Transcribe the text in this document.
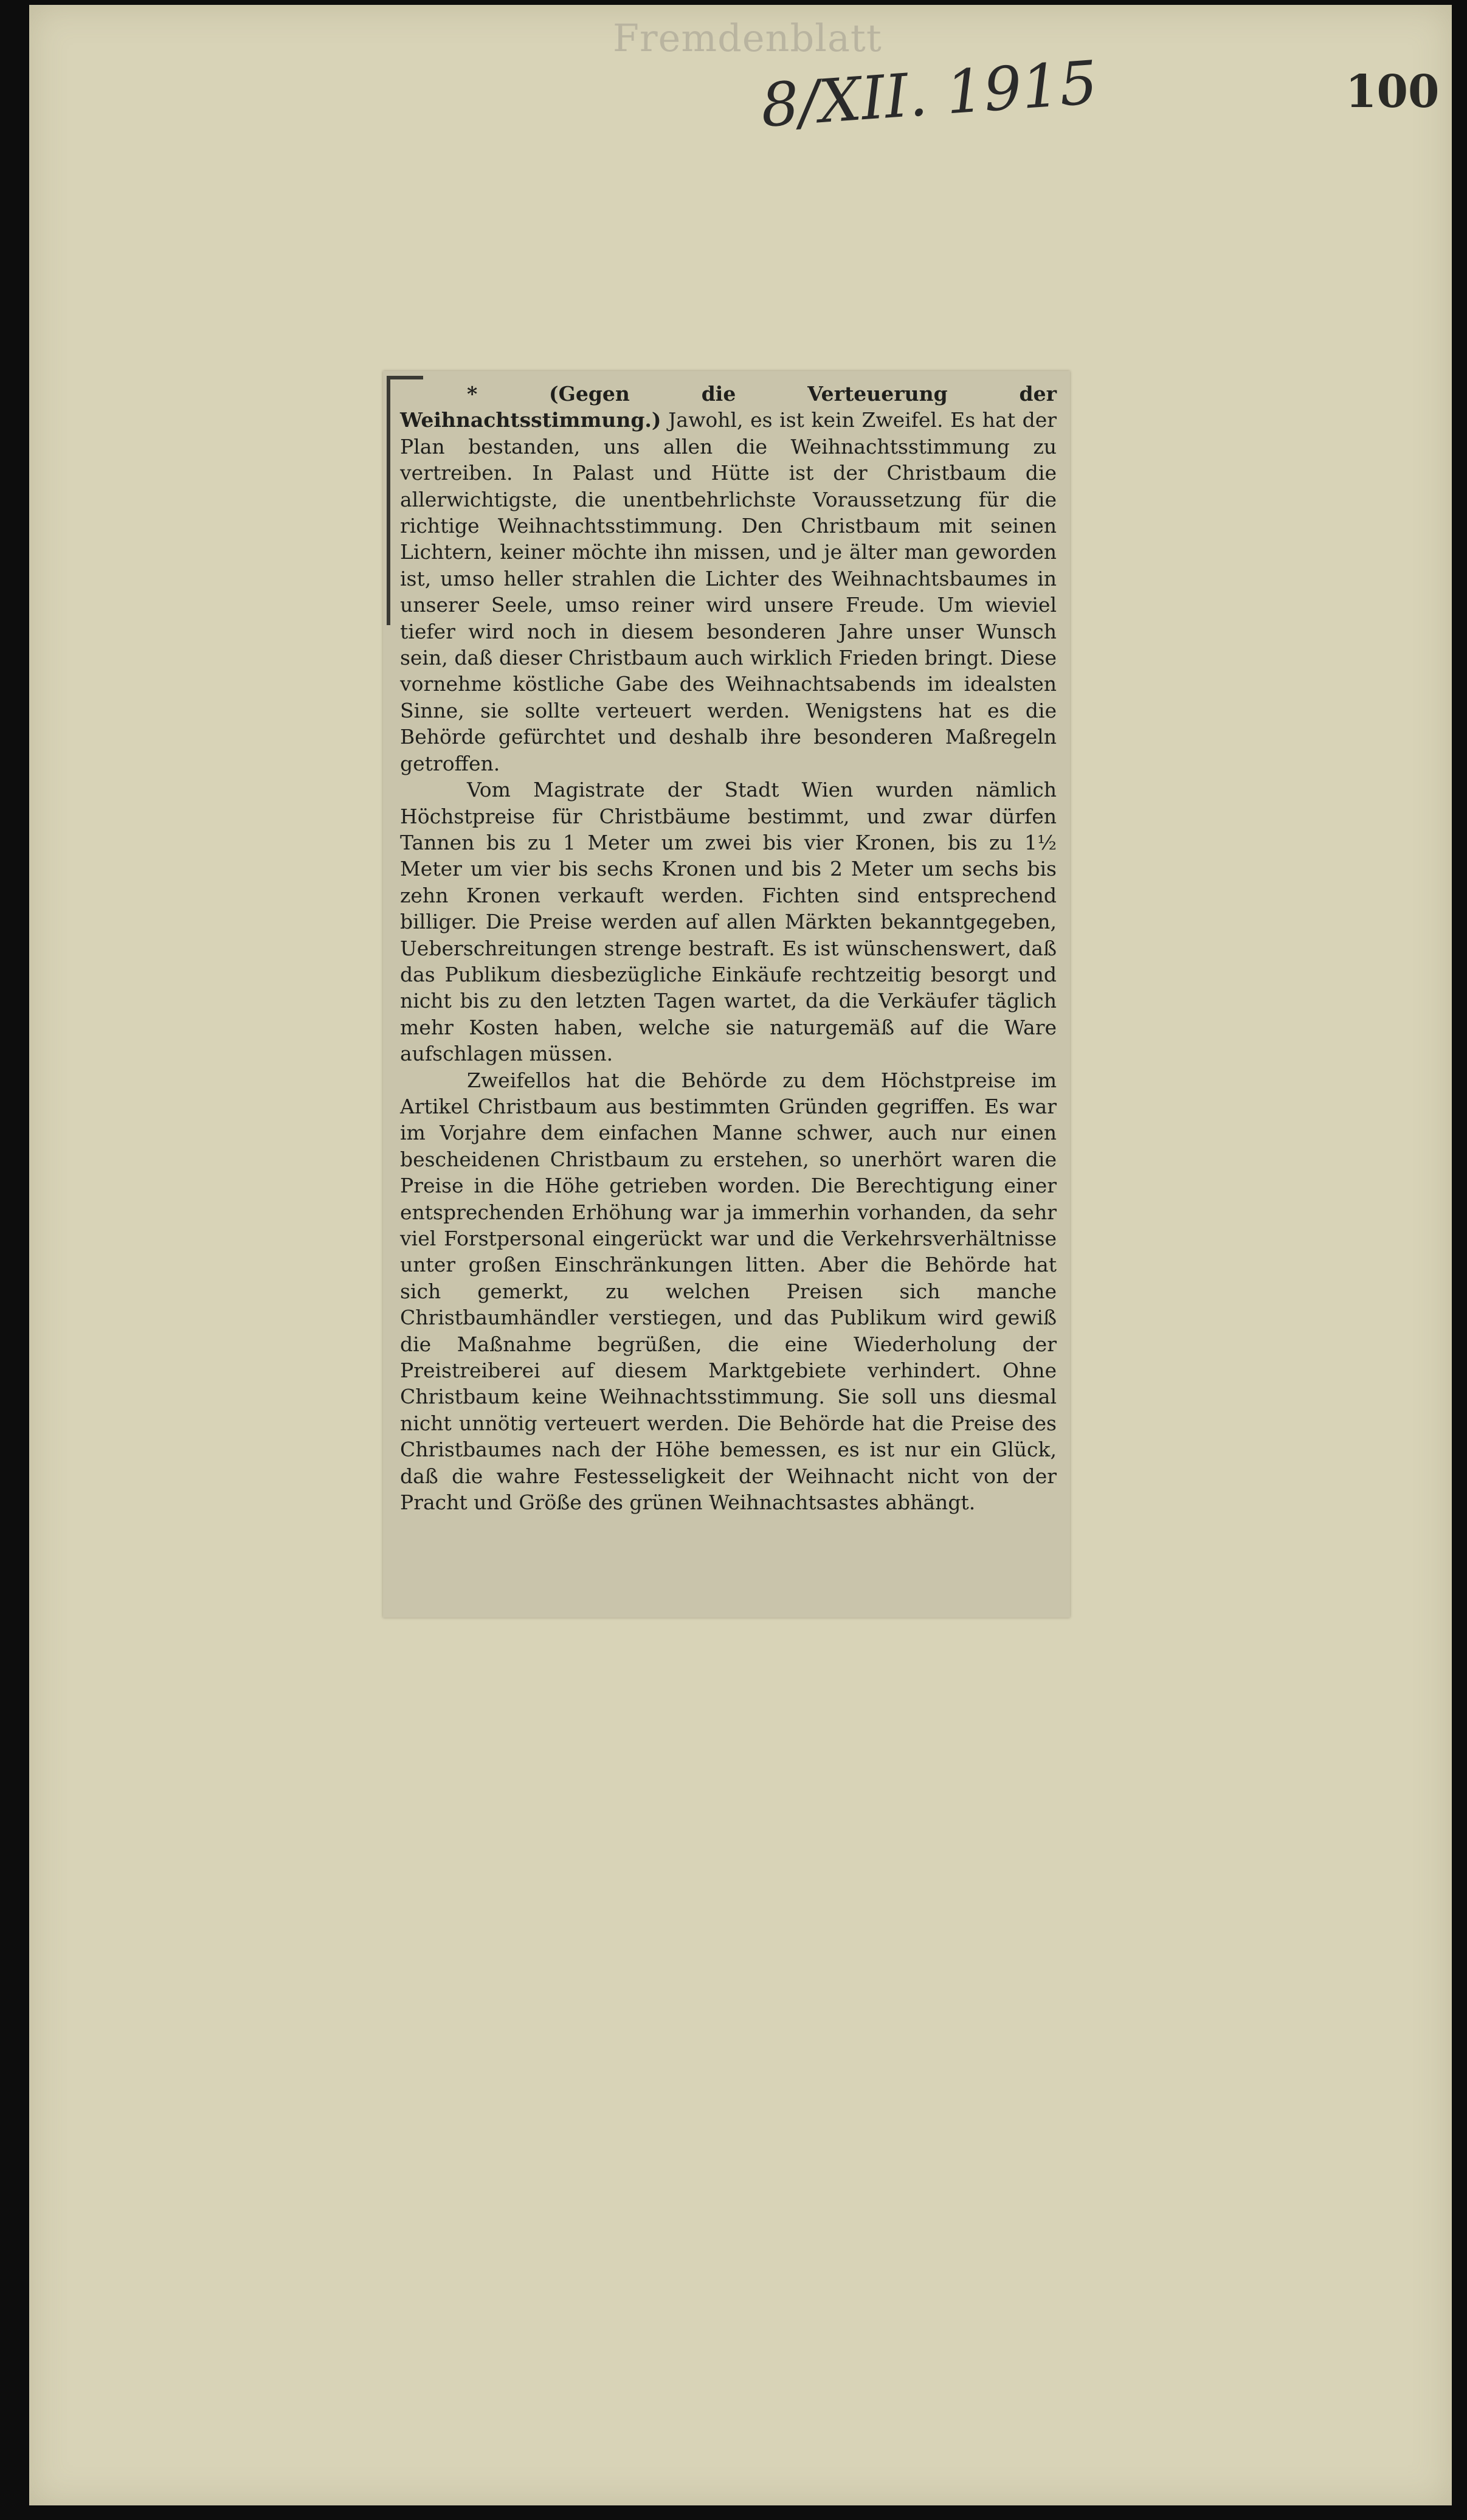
Fremdenblatt
8/XII. 1915	100

* (Gegen die Verteuerung der Weihnachtsstimmung.) Jawohl, es ist kein Zweifel. Es hat der Plan bestanden, uns allen die Weihnachtsstimmung zu vertreiben. In Palast und Hütte ist der Christbaum die allerwichtigste, die unentbehrlichste Voraussetzung für die richtige Weihnachtsstimmung. Den Christbaum mit seinen Lichtern, keiner möchte ihn missen, und je älter man geworden ist, umso heller strahlen die Lichter des Weihnachtsbaumes in unserer Seele, umso reiner wird unsere Freude. Um wieviel tiefer wird noch in diesem besonderen Jahre unser Wunsch sein, daß dieser Christbaum auch wirklich Frieden bringt. Diese vornehme köstliche Gabe des Weihnachtsabends im idealsten Sinne, sie sollte verteuert werden. Wenigstens hat es die Behörde gefürchtet und deshalb ihre besonderen Maßregeln getroffen.

Vom Magistrate der Stadt Wien wurden nämlich Höchstpreise für Christbäume bestimmt, und zwar dürfen Tannen bis zu 1 Meter um zwei bis vier Kronen, bis zu 1½ Meter um vier bis sechs Kronen und bis 2 Meter um sechs bis zehn Kronen verkauft werden. Fichten sind entsprechend billiger. Die Preise werden auf allen Märkten bekanntgegeben, Ueberschreitungen strenge bestraft. Es ist wünschenswert, daß das Publikum diesbezügliche Einkäufe rechtzeitig besorgt und nicht bis zu den letzten Tagen wartet, da die Verkäufer täglich mehr Kosten haben, welche sie naturgemäß auf die Ware aufschlagen müssen.

Zweifellos hat die Behörde zu dem Höchstpreise im Artikel Christbaum aus bestimmten Gründen gegriffen. Es war im Vorjahre dem einfachen Manne schwer, auch nur einen bescheidenen Christbaum zu erstehen, so unerhört waren die Preise in die Höhe getrieben worden. Die Berechtigung einer entsprechenden Erhöhung war ja immerhin vorhanden, da sehr viel Forstpersonal eingerückt war und die Verkehrsverhältnisse unter großen Einschränkungen litten. Aber die Behörde hat sich gemerkt, zu welchen Preisen sich manche Christbaumhändler verstiegen, und das Publikum wird gewiß die Maßnahme begrüßen, die eine Wiederholung der Preistreiberei auf diesem Marktgebiete verhindert. Ohne Christbaum keine Weihnachtsstimmung. Sie soll uns diesmal nicht unnötig verteuert werden. Die Behörde hat die Preise des Christbaumes nach der Höhe bemessen, es ist nur ein Glück, daß die wahre Festesseligkeit der Weihnacht nicht von der Pracht und Größe des grünen Weihnachtsastes abhängt.
